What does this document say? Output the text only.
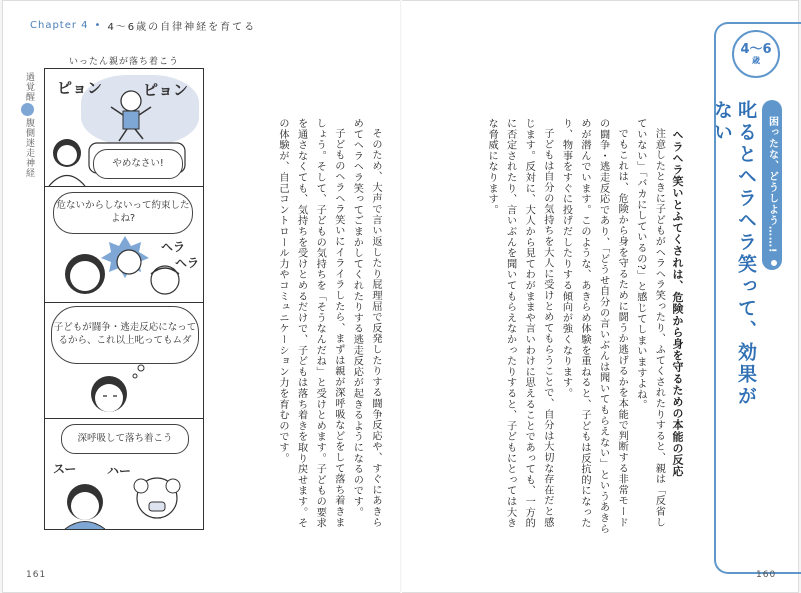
Chapter 4 • 4〜6歳の自律神経を育てる
過覚醒
腹側迷走神経
いったん親が落ち着こう
ピョン	ピョン
やめなさい!
危ないからしないって約束したよね?
ヘラ
ヘラ
子どもが闘争・逃走反応になってるから、これ以上叱ってもムダ
深呼吸して落ち着こう
スー	ハー	そのため、大声で言い返したり屁理屈で反発したりする闘争反応や、すぐにあきらめてヘラヘラ笑ってごまかしてくれたりする逃走反応が起きるようになるのです。

子どものヘラヘラ笑いにイライラしたら、まずは親が深呼吸などをして落ち着きましょう。そして、子どもの気持ちを「そうなんだね」と受けとめます。子どもの要求を通さなくても、気持ちを受けとめるだけで、子どもは落ち着きを取り戻せます。その体験が、自己コントロール力やコミュニケーション力を育むのです。	ヘラヘラ笑いとふてくされは、危険から身を守るための本能の反応

注意したときに子どもがヘラヘラ笑ったり、ふてくされたりすると、親は「反省していない」「バカにしているの?」と感じてしまいますよね。

でもこれは、危険から身を守るために闘うか逃げるかを本能で判断する非常モードの闘争・逃走反応であり、「どうせ自分の言いぶんは聞いてもらえない」というあきらめが潜んでいます。このような、あきらめ体験を重ねると、子どもは反抗的になったり、物事をすぐに投げだしたりする傾向が強くなります。

子どもは自分の気持ちを大人に受けとめてもらうことで、自分は大切な存在だと感じます。反対に、大人から見てわがままや言いわけに思えることであっても、一方的に否定されたり、言いぶんを聞いてもらえなかったりすると、子どもにとっては大きな脅威になります。

4〜6
歳
困ったな、どうしよう……!
叱るとヘラヘラ笑って、効果がない
161	160
